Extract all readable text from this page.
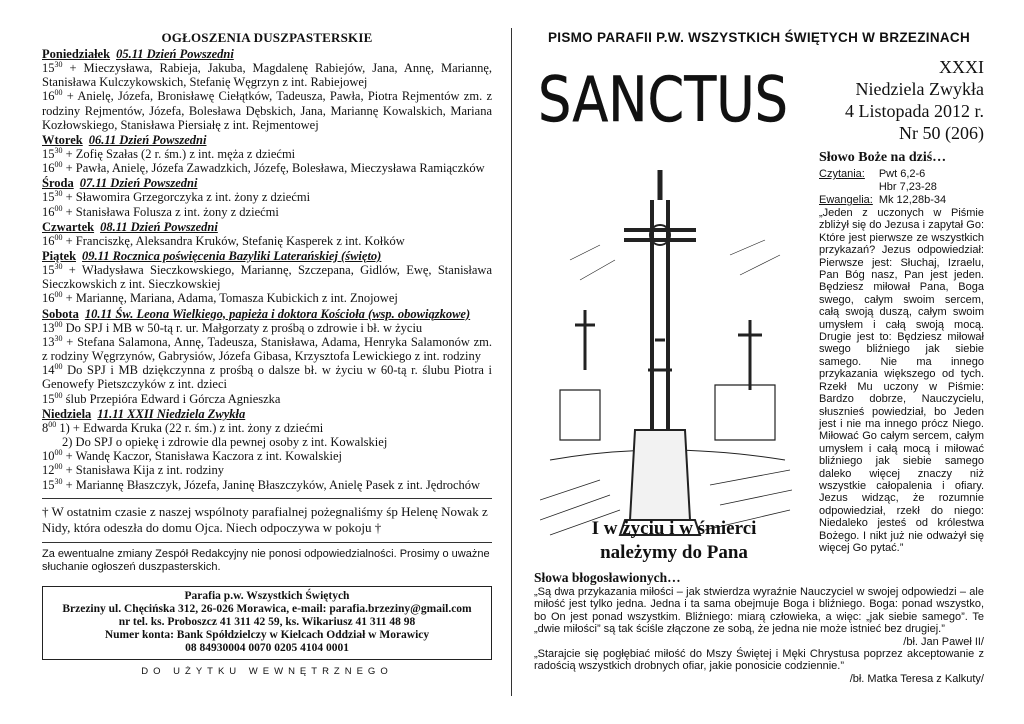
OGŁOSZENIA DUSZPASTERSKIE
Poniedziałek 05.11 Dzień Powszedni
$15^{30}$ + Mieczysława, Rabieja, Jakuba, Magdalenę Rabiejów, Jana, Annę, Mariannę, Stanisława Kulczykowskich, Stefanię Węgrzyn z int. Rabiejowej
$16^{00}$ + Anielę, Józefa, Bronisławę Ciełątków, Tadeusza, Pawła, Piotra Rejmentów zm. z rodziny Rejmentów, Józefa, Bolesława Dębskich, Jana, Mariannę Kowalskich, Mariana Kozłowskiego, Stanisława Piersiałę z int. Rejmentowej
Wtorek 06.11 Dzień Powszedni
$15^{30}$ + Zofię Szałas (2 r. śm.) z int. męża z dziećmi
$16^{00}$ + Pawła, Anielę, Józefa Zawadzkich, Józefę, Bolesława, Mieczysława Ramiączków
Środa 07.11 Dzień Powszedni
$15^{30}$ + Sławomira Grzegorczyka z int. żony z dziećmi
$16^{00}$ + Stanisława Folusza z int. żony z dziećmi
Czwartek 08.11 Dzień Powszedni
$16^{00}$ + Franciszkę, Aleksandra Kruków, Stefanię Kasperek z int. Kołków
Piątek 09.11 Rocznica poświęcenia Bazyliki Laterańskiej (święto)
$15^{30}$ + Władysława Sieczkowskiego, Mariannę, Szczepana, Gidlów, Ewę, Stanisława Sieczkowskich z int. Sieczkowskiej
$16^{00}$ + Mariannę, Mariana, Adama, Tomasza Kubickich z int. Znojowej
Sobota 10.11 Św. Leona Wielkiego, papieża i doktora Kościoła (wsp. obowiązkowe)
$13^{00}$ Do SPJ i MB w 50-tą r. ur. Małgorzaty z prośbą o zdrowie i bł. w życiu
$13^{30}$ + Stefana Salamona, Annę, Tadeusza, Stanisława, Adama, Henryka Salamonów zm. z rodziny Węgrzynów, Gabrysiów, Józefa Gibasa, Krzysztofa Lewickiego z int. rodziny
$14^{00}$ Do SPJ i MB dziękczynna z prośbą o dalsze bł. w życiu w 60-tą r. ślubu Piotra i Genowefy Pietszczyków z int. dzieci
$15^{00}$ ślub Przepióra Edward i Górcza Agnieszka
Niedziela 11.11 XXII Niedziela Zwykła
$8^{00}$ 1) + Edwarda Kruka (22 r. śm.) z int. żony z dziećmi
2) Do SPJ o opiekę i zdrowie dla pewnej osoby z int. Kowalskiej
$10^{00}$ + Wandę Kaczor, Stanisława Kaczora z int. Kowalskiej
$12^{00}$ + Stanisława Kija z int. rodziny
$15^{30}$ + Mariannę Błaszczyk, Józefa, Janinę Błaszczyków, Anielę Pasek z int. Jędrochów
† W ostatnim czasie z naszej wspólnoty parafialnej pożegnaliśmy śp Helenę Nowak z Nidy, która odeszła do domu Ojca. Niech odpoczywa w pokoju †
Za ewentualne zmiany Zespół Redakcyjny nie ponosi odpowiedzialności. Prosimy o uważne słuchanie ogłoszeń duszpasterskich.
Parafia p.w. Wszystkich Świętych
Brzeziny ul. Chęcińska 312, 26-026 Morawica, e-mail: parafia.brzeziny@gmail.com
nr tel. ks. Proboszcz 41 311 42 59, ks. Wikariusz 41 311 48 98
Numer konta: Bank Spółdzielczy w Kielcach Oddział w Morawicy
08 84930004 0070 0205 4104 0001
DO UŻYTKU WEWNĘTRZNEGO
PISMO PARAFII P.W. WSZYSTKICH ŚWIĘTYCH W BRZEZINACH
SANCTUS	XXXI
Niedziela Zwykła
4 Listopada 2012 r.
Nr 50 (206)
I w życiu i w śmierci
należymy do Pana
Słowo Boże na dziś…
Czytania:	Pwt 6,2-6
	Hbr 7,23-28
Ewangelia:	Mk 12,28b-34
„Jeden z uczonych w Piśmie zbliżył się do Jezusa i zapytał Go: Które jest pierwsze ze wszystkich przykazań? Jezus odpowiedział: Pierwsze jest: Słuchaj, Izraelu, Pan Bóg nasz, Pan jest jeden. Będziesz miłował Pana, Boga swego, całym swoim sercem, całą swoją duszą, całym swoim umysłem i całą swoją mocą. Drugie jest to: Będziesz miłował swego bliźniego jak siebie samego. Nie ma innego przykazania większego od tych. Rzekł Mu uczony w Piśmie: Bardzo dobrze, Nauczycielu, słusznieś powiedział, bo Jeden jest i nie ma innego prócz Niego. Miłować Go całym sercem, całym umysłem i całą mocą i miłować bliźniego jak siebie samego daleko więcej znaczy niż wszystkie całopalenia i ofiary. Jezus widząc, że rozumnie odpowiedział, rzekł do niego: Niedaleko jesteś od królestwa Bożego. I nikt już nie odważył się więcej Go pytać.”
Słowa błogosławionych…
„Są dwa przykazania miłości – jak stwierdza wyraźnie Nauczyciel w swojej odpowiedzi – ale miłość jest tylko jedna. Jedna i ta sama obejmuje Boga i bliźniego. Boga: ponad wszystko, bo On jest ponad wszystkim. Bliźniego: miarą człowieka, a więc: „jak siebie samego”. Te „dwie miłości” są tak ściśle złączone ze sobą, że jedna nie może istnieć bez drugiej.”
/bł. Jan Paweł II/
„Starajcie się pogłębiać miłość do Mszy Świętej i Męki Chrystusa poprzez akceptowanie z radością wszystkich drobnych ofiar, jakie ponosicie codziennie.”
/bł. Matka Teresa z Kalkuty/
